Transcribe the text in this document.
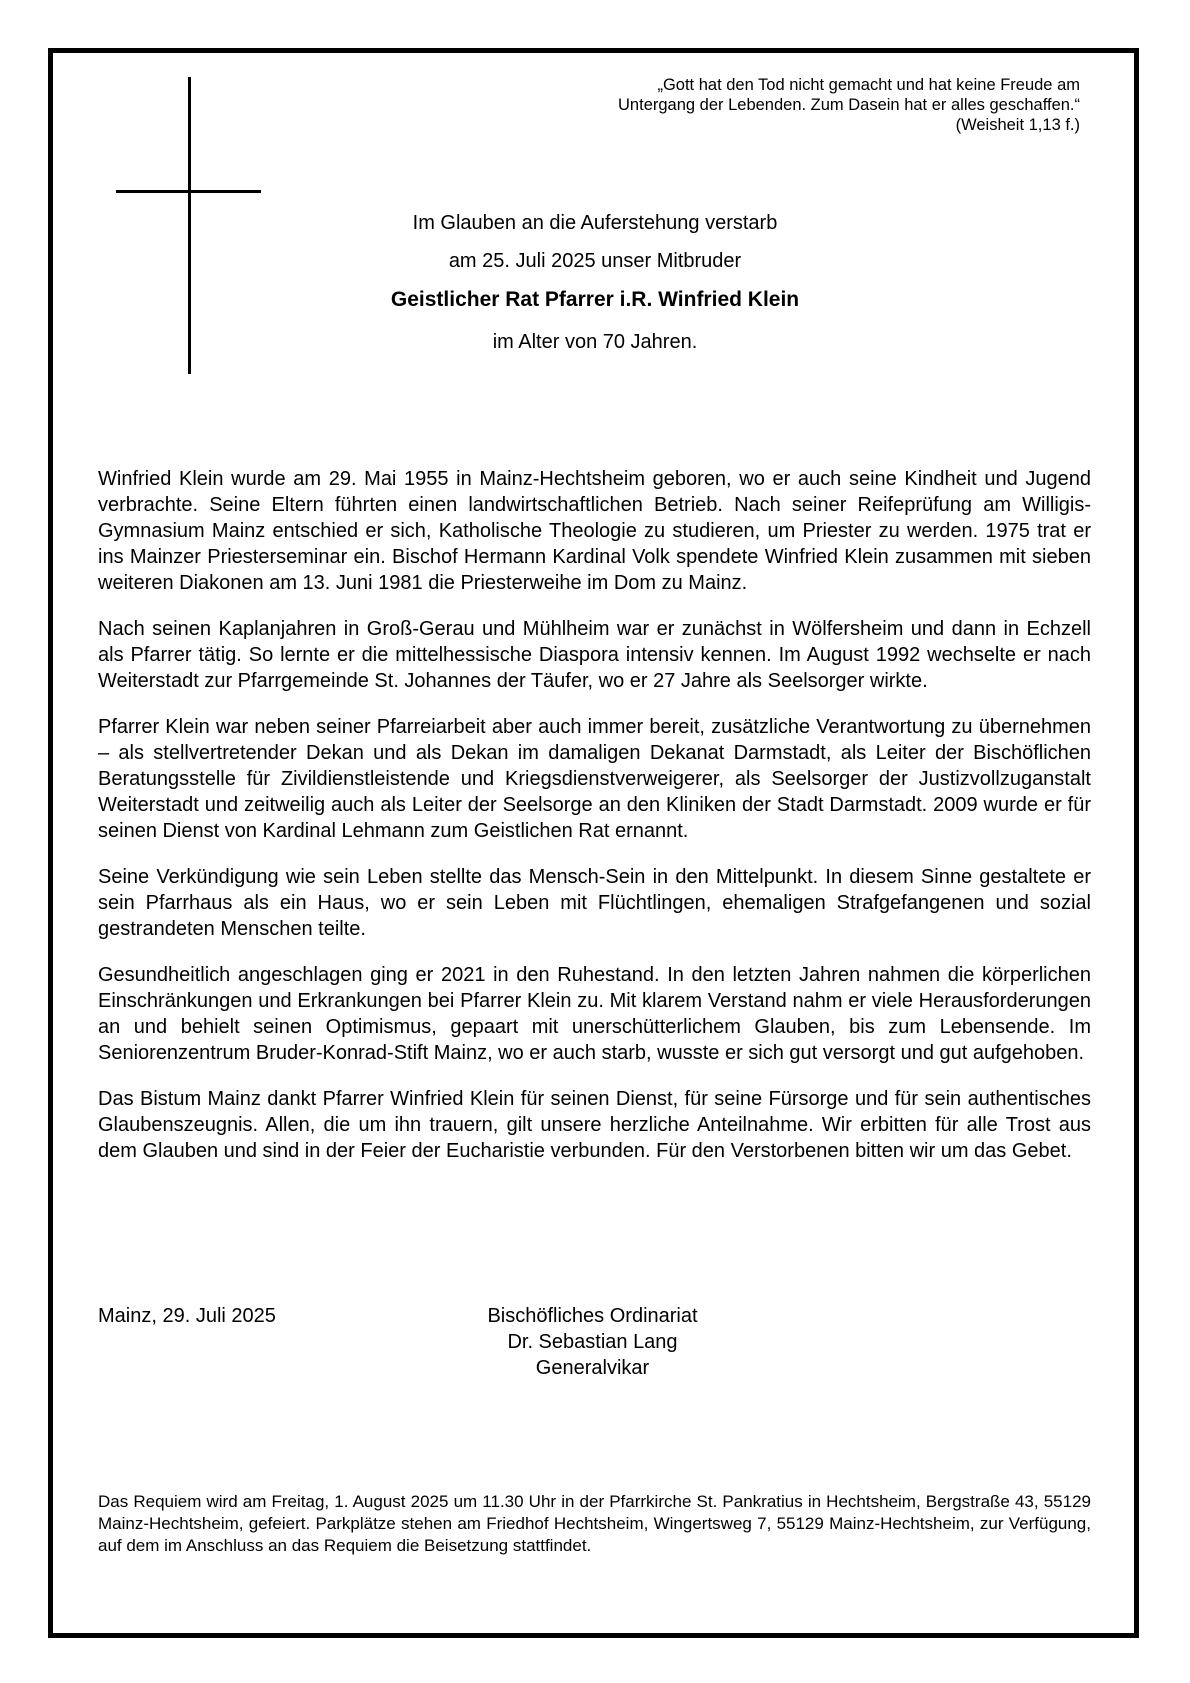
„Gott hat den Tod nicht gemacht und hat keine Freude am
Untergang der Lebenden. Zum Dasein hat er alles geschaffen.“
(Weisheit 1,13 f.)
Im Glauben an die Auferstehung verstarb
am 25. Juli 2025 unser Mitbruder
Geistlicher Rat Pfarrer i.R. Winfried Klein
im Alter von 70 Jahren.

Winfried Klein wurde am 29. Mai 1955 in Mainz-Hechtsheim geboren, wo er auch seine Kindheit und Jugend verbrachte. Seine Eltern führten einen landwirtschaftlichen Betrieb. Nach seiner Reifeprüfung am Willigis-Gymnasium Mainz entschied er sich, Katholische Theologie zu studieren, um Priester zu werden. 1975 trat er ins Mainzer Priesterseminar ein. Bischof Hermann Kardinal Volk spendete Winfried Klein zusammen mit sieben weiteren Diakonen am 13. Juni 1981 die Priesterweihe im Dom zu Mainz.

Nach seinen Kaplanjahren in Groß-Gerau und Mühlheim war er zunächst in Wölfersheim und dann in Echzell als Pfarrer tätig. So lernte er die mittelhessische Diaspora intensiv kennen. Im August 1992 wechselte er nach Weiterstadt zur Pfarrgemeinde St. Johannes der Täufer, wo er 27 Jahre als Seelsorger wirkte.

Pfarrer Klein war neben seiner Pfarreiarbeit aber auch immer bereit, zusätzliche Verantwortung zu übernehmen – als stellvertretender Dekan und als Dekan im damaligen Dekanat Darmstadt, als Leiter der Bischöflichen Beratungsstelle für Zivildienstleistende und Kriegsdienstverweigerer, als Seelsorger der Justizvollzuganstalt Weiterstadt und zeitweilig auch als Leiter der Seelsorge an den Kliniken der Stadt Darmstadt. 2009 wurde er für seinen Dienst von Kardinal Lehmann zum Geistlichen Rat ernannt.

Seine Verkündigung wie sein Leben stellte das Mensch-Sein in den Mittelpunkt. In diesem Sinne gestaltete er sein Pfarrhaus als ein Haus, wo er sein Leben mit Flüchtlingen, ehemaligen Strafgefangenen und sozial gestrandeten Menschen teilte.

Gesundheitlich angeschlagen ging er 2021 in den Ruhestand. In den letzten Jahren nahmen die körperlichen Einschränkungen und Erkrankungen bei Pfarrer Klein zu. Mit klarem Verstand nahm er viele Herausforderungen an und behielt seinen Optimismus, gepaart mit unerschütterlichem Glauben, bis zum Lebensende. Im Seniorenzentrum Bruder-Konrad-Stift Mainz, wo er auch starb, wusste er sich gut versorgt und gut aufgehoben.

Das Bistum Mainz dankt Pfarrer Winfried Klein für seinen Dienst, für seine Fürsorge und für sein authentisches Glaubenszeugnis. Allen, die um ihn trauern, gilt unsere herzliche Anteilnahme. Wir erbitten für alle Trost aus dem Glauben und sind in der Feier der Eucharistie verbunden. Für den Verstorbenen bitten wir um das Gebet.

Mainz, 29. Juli 2025	Bischöfliches Ordinariat
Dr. Sebastian Lang
Generalvikar
Das Requiem wird am Freitag, 1. August 2025 um 11.30 Uhr in der Pfarrkirche St. Pankratius in Hechtsheim, Bergstraße 43, 55129 Mainz-Hechtsheim, gefeiert. Parkplätze stehen am Friedhof Hechtsheim, Wingertsweg 7, 55129 Mainz-Hechtsheim, zur Verfügung, auf dem im Anschluss an das Requiem die Beisetzung stattfindet.
